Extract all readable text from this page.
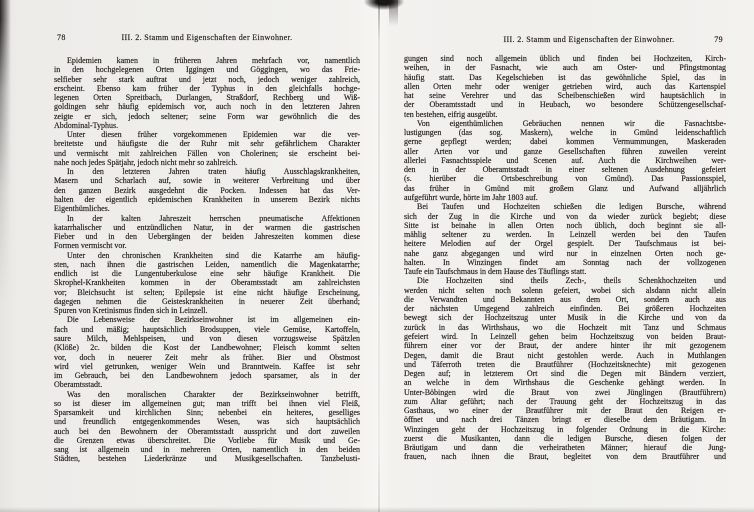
78	III. 2. Stamm und Eigenschaften der Einwohner.	III. 2. Stamm und Eigenschaften der Einwohner.	79
Epidemien kamen in früheren Jahren mehrfach vor, namentlich
in den hochgelegenen Orten Iggingen und Göggingen, wo das Frie-
selfieber sehr stark auftrat und jetzt noch, jedoch weniger zahlreich,
erscheint. Ebenso kam früher der Typhus in den gleichfalls hochge-
legenen Orten Spreitbach, Durlangen, Straßdorf, Rechberg und Wiß-
goldingen sehr häufig epidemisch vor, auch noch in den letzteren Jahren
zeigte er sich, jedoch seltener; seine Form war gewöhnlich die des
Abdominal-Typhus.
Unter diesen früher vorgekommenen Epidemien war die ver-
breitetste und häufigste die der Ruhr mit sehr gefährlichem Charakter
und vermischt mit zahlreichen Fällen von Cholerinen; sie erscheint bei-
nahe noch jedes Spätjahr, jedoch nicht mehr so zahlreich.
In den letzteren Jahren traten häufig Ausschlagskrankheiten,
Masern und Scharlach auf, sowie in weiterer Verbreitung und über
den ganzen Bezirk ausgedehnt die Pocken. Indessen hat das Ver-
halten der eigentlich epidemischen Krankheiten in unserem Bezirk nichts
Eigenthümliches.
In der kalten Jahreszeit herrschen pneumatische Affektionen
katarrhalischer und entzündlichen Natur, in der warmen die gastrischen
Fieber und in den Uebergängen der beiden Jahreszeiten kommen diese
Formen vermischt vor.
Unter den chronischen Krankheiten sind die Katarrhe am häufig-
sten, nach ihnen die gastrischen Leiden, namentlich die Magenkatarrhe;
endlich ist die Lungentuberkulose eine sehr häufige Krankheit. Die
Skrophel-Krankheiten kommen in der Oberamtsstadt am zahlreichsten
vor; Bleichsucht ist selten; Epilepsie ist eine nicht häufige Erscheinung,
dagegen nehmen die Geisteskrankheiten in neuerer Zeit überhand;
Spuren von Kretinismus finden sich in Leinzell.
Die Lebensweise der Bezirkseinwohner ist im allgemeinen ein-
fach und mäßig; hauptsächlich Brodsuppen, viele Gemüse, Kartoffeln,
saure Milch, Mehlspeisen, und von diesen vorzugsweise Spätzlen
(Klöße) 2c. bilden die Kost der Landbewohner; Fleisch kommt selten
vor, doch in neuerer Zeit mehr als früher. Bier und Obstmost
wird viel getrunken, weniger Wein und Branntwein. Kaffee ist sehr
im Gebrauch, bei den Landbewohnern jedoch sparsamer, als in der
Oberamtsstadt.
Was den moralischen Charakter der Bezirkseinwohner betrifft,
so ist dieser im allgemeinen gut; man trifft bei ihnen viel Fleiß,
Sparsamkeit und kirchlichen Sinn; nebenbei ein heiteres, geselliges
und freundlich entgegenkommendes Wesen, was sich hauptsächlich
auch bei den Bewohnern der Oberamtsstadt ausspricht und dort zuweilen
die Grenzen etwas überschreitet. Die Vorliebe für Musik und Ge-
sang ist allgemein und in mehreren Orten, namentlich in den beiden
Städten, bestehen Liederkränze und Musikgesellschaften. Tanzbelusti-
gungen sind noch allgemein üblich und finden bei Hochzeiten, Kirch-
weihen, in der Fasnacht, wie auch am Oster- und Pfingstmontag
häufig statt. Das Kegelschieben ist das gewöhnliche Spiel, das in
allen Orten mehr oder weniger getrieben wird, auch das Kartenspiel
hat seine Verehrer und das Scheibenschießen wird hauptsächlich in
der Oberamtsstadt und in Heubach, wo besondere Schützengesellschaf-
ten bestehen, eifrig ausgeübt.
Von eigenthümlichen Gebräuchen nennen wir die Fasnachtsbe-
lustigungen (das sog. Maskern), welche in Gmünd leidenschaftlich
gerne gepflegt werden; dabei kommen Vermummungen, Maskeraden
aller Arten vor und ganze Gesellschaften führen zuweilen vereint
allerlei Fasnachtsspiele und Scenen auf. Auch die Kirchweihen wer-
den in der Oberamtsstadt in einer seltenen Ausdehnung gefeiert
(s. hierüber die Ortsbeschreibung von Gmünd). Das Passionsspiel,
das früher in Gmünd mit großem Glanz und Aufwand alljährlich
aufgeführt wurde, hörte im Jahr 1803 auf.
Bei Taufen und Hochzeiten schießen die ledigen Bursche, während
sich der Zug in die Kirche und von da wieder zurück begiebt; diese
Sitte ist beinahe in allen Orten noch üblich, doch beginnt sie all-
mählig seltener zu werden. In Leinzell werden bei den Taufen
heitere Melodien auf der Orgel gespielt. Der Taufschmaus ist bei-
nahe ganz abgegangen und wird nur in einzelnen Orten noch ge-
halten. In Winzingen findet am Sonntag nach der vollzogenen
Taufe ein Taufschmaus in dem Hause des Täuflings statt.
Die Hochzeiten sind theils Zech-, theils Schenkhochzeiten und
werden nicht selten noch solenn gefeiert, wobei sich alsdann nicht allein
die Verwandten und Bekannten aus dem Ort, sondern auch aus
der nächsten Umgegend zahlreich einfinden. Bei größeren Hochzeiten
bewegt sich der Hochzeitszug unter Musik in die Kirche und von da
zurück in das Wirthshaus, wo die Hochzeit mit Tanz und Schmaus
gefeiert wird. In Leinzell gehen beim Hochzeitszug von beiden Braut-
führern einer vor der Braut, der andere hinter ihr mit gezogenem
Degen, damit die Braut nicht gestohlen werde. Auch in Muthlangen
und Täferroth treten die Brautführer (Hochzeitsknechte) mit gezogenen
Degen auf; in letzterem Ort sind die Degen mit Bändern verziert,
an welche in dem Wirthshaus die Geschenke gehängt werden. In
Unter-Böbingen wird die Braut von zwei Jünglingen (Brautführern)
zum Altar geführt; nach der Trauung geht der Hochzeitszug in das
Gasthaus, wo einer der Brautführer mit der Braut den Reigen er-
öffnet und nach drei Tänzen bringt er dieselbe dem Bräutigam. In
Winzingen geht der Hochzeitszug in folgender Ordnung in die Kirche:
zuerst die Musikanten, dann die ledigen Bursche, diesen folgen der
Bräutigam und dann die verheiratheten Männer; hierauf die Jung-
frauen, nach ihnen die Braut, begleitet von dem Brautführer und
